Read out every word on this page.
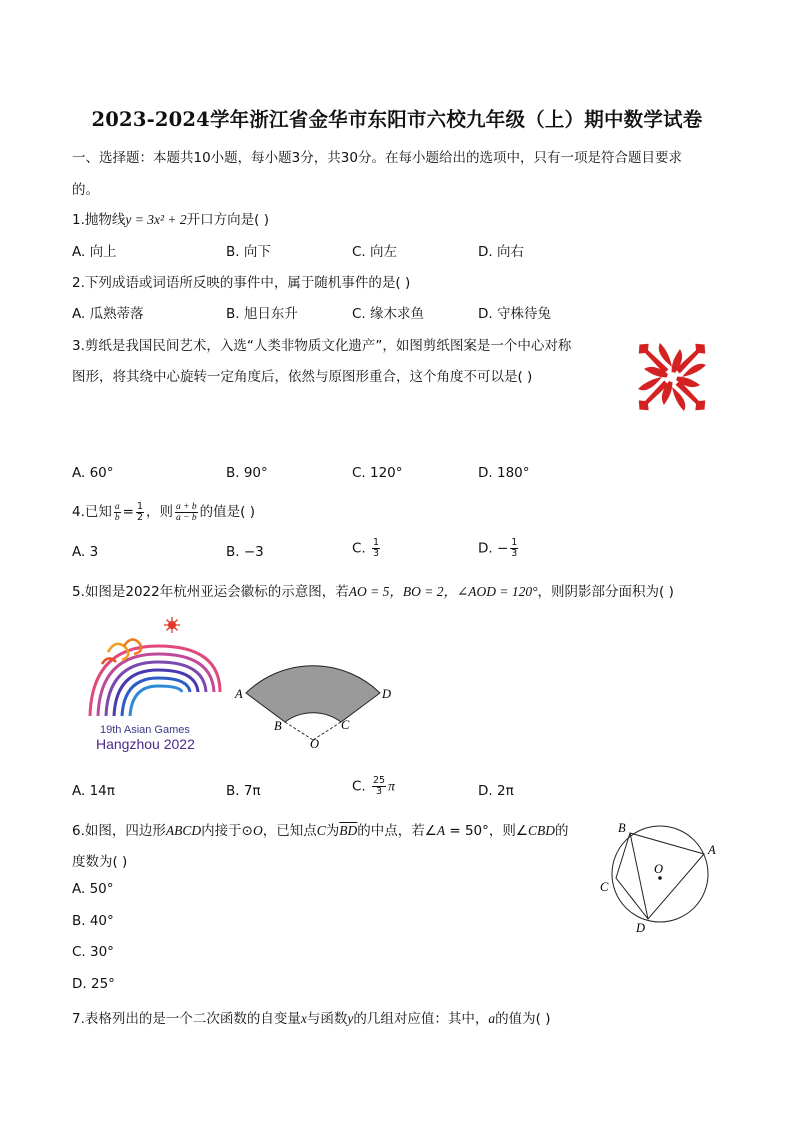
2023-2024学年浙江省金华市东阳市六校九年级（上）期中数学试卷
一、选择题：本题共10小题，每小题3分，共30分。在每小题给出的选项中，只有一项是符合题目要求
的。
1.抛物线y = 3x² + 2开口方向是( )
A. 向上	B. 向下	C. 向左	D. 向右
2.下列成语或词语所反映的事件中，属于随机事件的是( )
A. 瓜熟蒂落	B. 旭日东升	C. 缘木求鱼	D. 守株待兔
3.剪纸是我国民间艺术，入选“人类非物质文化遗产”，如图剪纸图案是一个中心对称
图形，将其绕中心旋转一定角度后，依然与原图形重合，这个角度不可以是( )
A. 60°	B. 90°	C. 120°	D. 180°
4.已知 $\frac{a}{b} = \frac{1}{2}$ ，则 $\frac{a + b}{a - b}$ 的值是( )
A. 3	B. −3	C. $\frac{1}{3}$	D. − $\frac{1}{3}$
5.如图是2022年杭州亚运会徽标的示意图，若AO = 5，BO = 2，∠AOD = 120°，则阴影部分面积为( )
19th Asian Games
Hangzhou 2022
A	D
B	C
O
A. 14π	B. 7π	C. $\frac{25}{3}$ π	D. 2π
6.如图，四边形ABCD内接于⊙O，已知点C为$\overline{BD}$的中点，若∠A = 50°，则∠CBD的
度数为( )
A. 50°
B. 40°
C. 30°
D. 25°
A
B
C
D
O
7.表格列出的是一个二次函数的自变量x与函数y的几组对应值：其中，a的值为( )
